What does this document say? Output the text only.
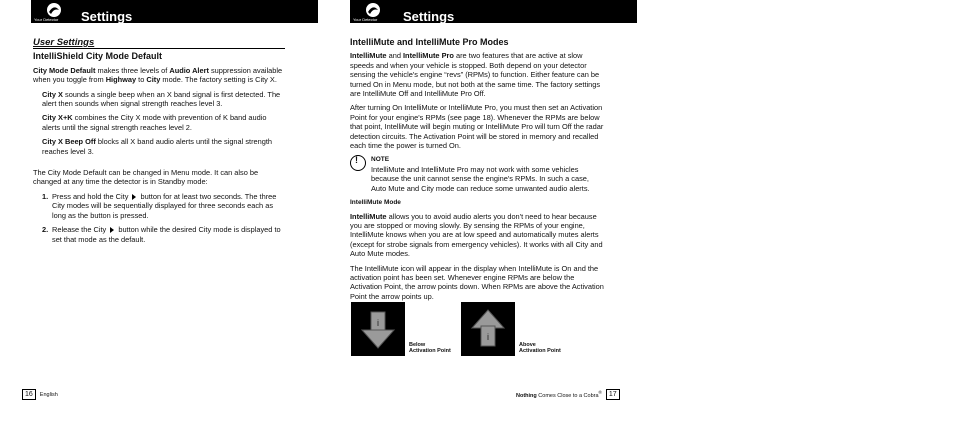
Your Detector Settings	Your Detector Settings
User Settings
IntelliShield City Mode Default

City Mode Default makes three levels of Audio Alert suppression available when you toggle from Highway to City mode. The factory setting is City X.

City X sounds a single beep when an X band signal is first detected. The alert then sounds when signal strength reaches level 3.

City X+K combines the City X mode with prevention of K band audio alerts until the signal strength reaches level 2.

City X Beep Off blocks all X band audio alerts until the signal strength reaches level 3.

The City Mode Default can be changed in Menu mode. It can also be changed at any time the detector is in Standby mode:

1. Press and hold the City  button for at least two seconds. The three City modes will be sequentially displayed for three seconds each as long as the button is pressed.
2. Release the City  button while the desired City mode is displayed to set that mode as the default.
IntelliMute and IntelliMute Pro Modes

IntelliMute and IntelliMute Pro are two features that are active at slow speeds and when your vehicle is stopped. Both depend on your detector sensing the vehicle's engine “revs” (RPMs) to function. Either feature can be turned On in Menu mode, but not both at the same time. The factory settings are IntelliMute Off and IntelliMute Pro Off.

After turning On IntelliMute or IntelliMute Pro, you must then set an Activation Point for your engine's RPMs (see page 18). Whenever the RPMs are below that point, IntelliMute will begin muting or IntelliMute Pro will turn Off the radar detection circuits. The Activation Point will be stored in memory and recalled each time the power is turned On.

!
NOTE
IntelliMute and IntelliMute Pro may not work with some vehicles because the unit cannot sense the engine's RPMs. In such a case, Auto Mute and City mode can reduce some unwanted audio alerts.
IntelliMute Mode

IntelliMute allows you to avoid audio alerts you don't need to hear because you are stopped or moving slowly. By sensing the RPMs of your engine, IntelliMute knows when you are at low speed and automatically mutes alerts (except for strobe signals from emergency vehicles). It works with all City and Auto Mute modes.

The IntelliMute icon will appear in the display when IntelliMute is On and the activation point has been set. Whenever engine RPMs are below the Activation Point, the arrow points down. When RPMs are above the Activation Point the arrow points up.

i
Below
Activation Point
i
Above
Activation Point
16	English	Nothing Comes Close to a Cobra®	17
